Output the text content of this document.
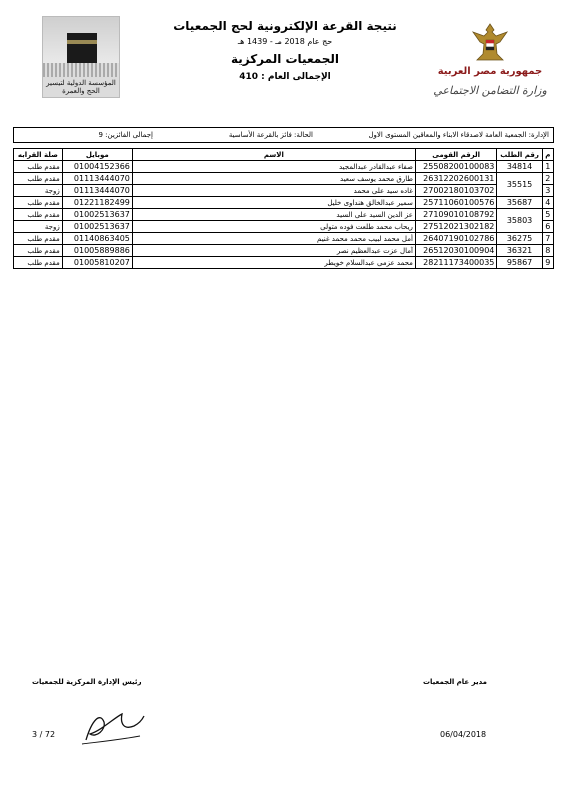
المؤسسة الدولية لتيسير الحج والعمرة
نتيجة القرعة الإلكترونية لحج الجمعيات
حج عام 2018 مـ - 1439 هـ
الجمعيات المركزية
الإجمالى العام : 410	جمهورية مصر العربية
وزارة التضامن الاجتماعي
الإدارة: الجمعية العامة لاصدقاء الابناء والمعاقين المستوى الاول
الحالة: فائز بالقرعة الأساسية
إجمالى الفائزين: 9
م	رقم الطلب	الرقم القومى	الاسم	موبايل	صلة القرابه
1	34814	25508200100083	صفاء عبدالقادر عبدالمجيد	01004152366	مقدم طلب
2	35515	26312202600131	طارق محمد يوسف سعيد	01113444070	مقدم طلب
3		27002180103702	غاده سيد على محمد	01113444070	زوجة
4	35687	25711060100576	سمير عبدالخالق هنداوى خليل	01221182499	مقدم طلب
5	35803	27109010108792	عز الدين السيد على السيد	01002513637	مقدم طلب
6		27512021302182	ريحاب محمد طلعت فوده متولى	01002513637	زوجة
7	36275	26407190102786	أمل محمد لبيب محمد محمد غنيم	01140863405	مقدم طلب
8	36321	26512030100904	آمال عزت عبدالعظيم نصر	01005889886	مقدم طلب
9	95867	28211173400035	محمد عزمى عبدالسلام خويطر	01005810207	مقدم طلب
رئيس الإدارة المركزية للجمعيات	مدير عام الجمعيات
3 / 72	06/04/2018
